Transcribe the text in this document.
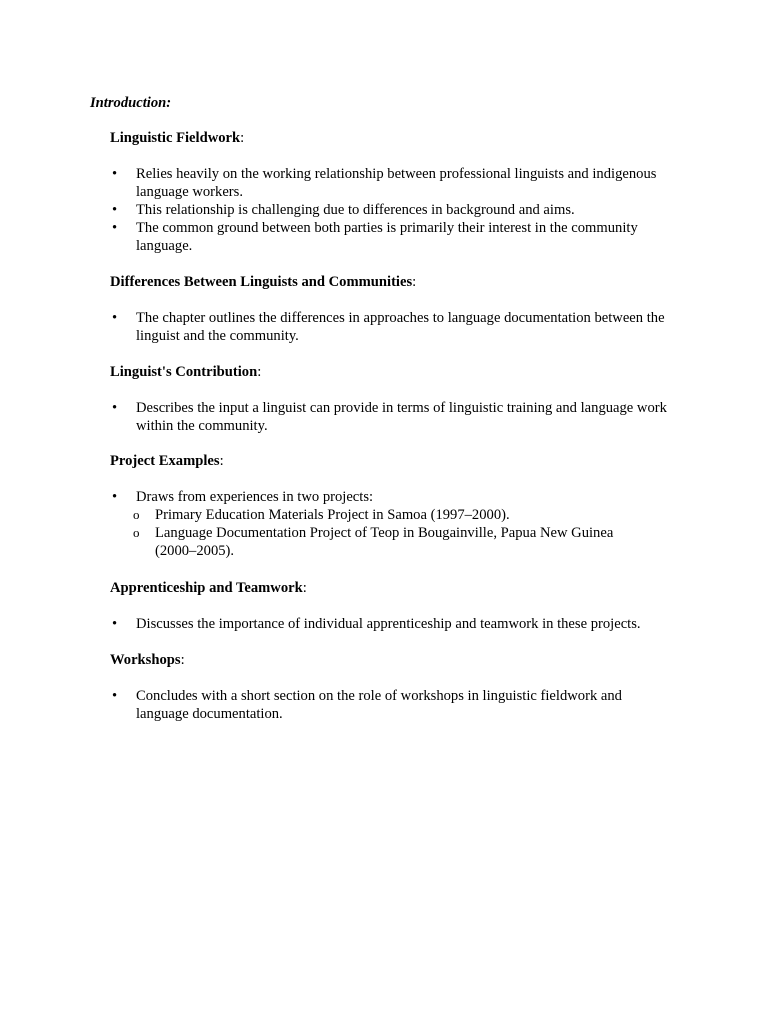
Introduction:

Linguistic Fieldwork:

• Relies heavily on the working relationship between professional linguists and indigenous language workers.
• This relationship is challenging due to differences in background and aims.
• The common ground between both parties is primarily their interest in the community language.

Differences Between Linguists and Communities:

• The chapter outlines the differences in approaches to language documentation between the linguist and the community.

Linguist's Contribution:

• Describes the input a linguist can provide in terms of linguistic training and language work within the community.

Project Examples:

• Draws from experiences in two projects:
o Primary Education Materials Project in Samoa (1997–2000).
o Language Documentation Project of Teop in Bougainville, Papua New Guinea (2000–2005).

Apprenticeship and Teamwork:

• Discusses the importance of individual apprenticeship and teamwork in these projects.

Workshops:

• Concludes with a short section on the role of workshops in linguistic fieldwork and language documentation.
